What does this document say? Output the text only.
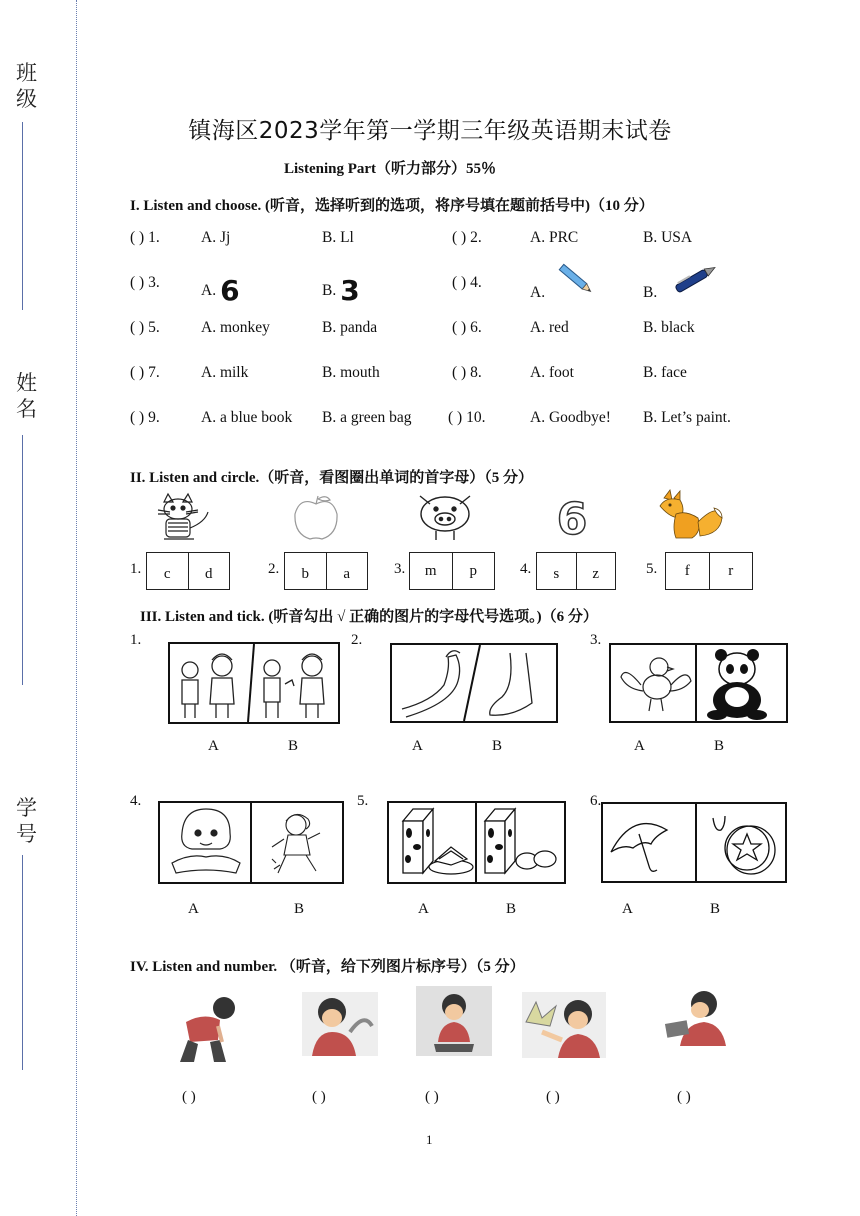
班级
姓名
学号
镇海区2023学年第一学期三年级英语期末试卷
Listening Part（听力部分）55％
I. Listen and choose. (听音，选择听到的选项，将序号填在题前括号中)（10 分）
( ) 1.	A. Jj	B. Ll	( ) 2.	A. PRC	B. USA
( ) 3.	A. 6	B. 3	( ) 4.
A.	B.
( ) 5.	A. monkey	B. panda	( ) 6.	A. red	B. black
( ) 7.	A. milk	B. mouth	( ) 8.	A. foot	B. face
( ) 9.	A. a blue book B. a green bag ( ) 10.	A. Goodbye! B. Let’s paint.
II. Listen and circle.（听音，看图圈出单词的首字母）（5 分）
6
1.	c	d	2.	b	a	3.	m	p	4.	s	z	5.	f	r
III. Listen and tick. (听音勾出 √ 正确的图片的字母代号选项。)（6 分）
1.
A	B
2.
A	B
3.
A	B
4.
A	B
5.
A	B
6.
A	B
IV. Listen and number. （听音，给下列图片标序号）（5 分）
( )	( )	( )	( )	( )
1
